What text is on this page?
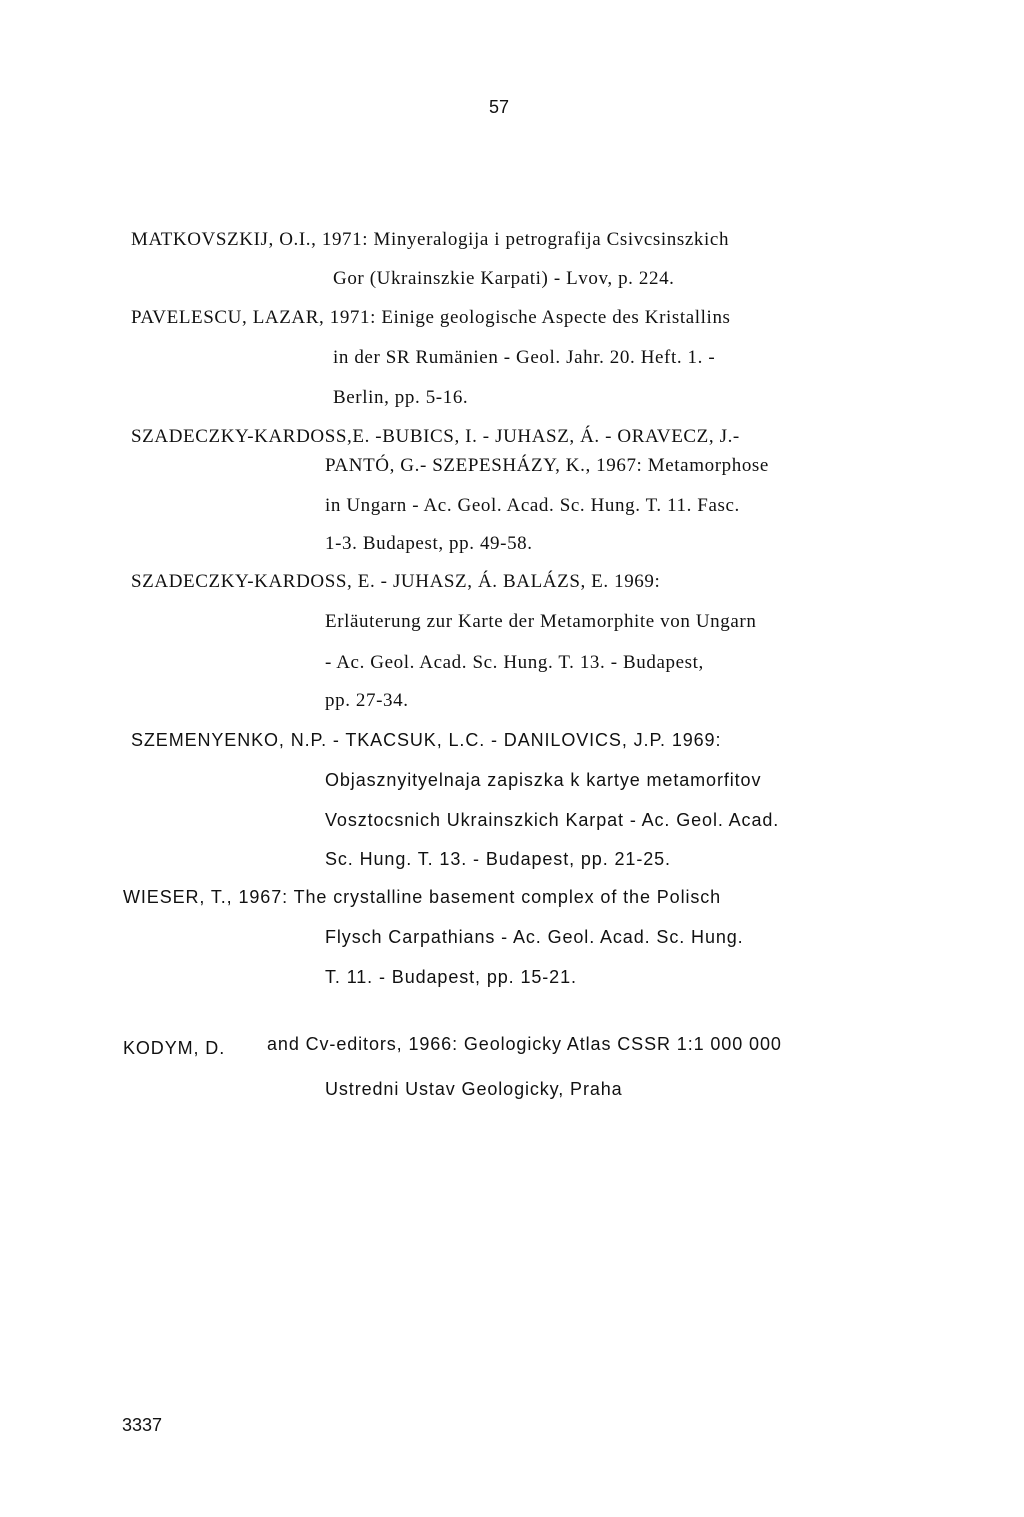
57
MATKOVSZKIJ, O.I., 1971: Minyeralogija i petrografija Csivcsinszkich
Gor (Ukrainszkie Karpati) - Lvov, p. 224.
PAVELESCU, LAZAR, 1971: Einige geologische Aspecte des Kristallins
in der SR Rumänien - Geol. Jahr. 20. Heft. 1. -
Berlin, pp. 5-16.
SZADECZKY-KARDOSS,E. -BUBICS, I. - JUHASZ, Á. - ORAVECZ, J.-
PANTÓ, G.- SZEPESHÁZY, K., 1967: Metamorphose
in Ungarn - Ac. Geol. Acad. Sc. Hung. T. 11. Fasc.
1-3. Budapest, pp. 49-58.
SZADECZKY-KARDOSS, E. - JUHASZ, Á. BALÁZS, E. 1969:
Erläuterung zur Karte der Metamorphite von Ungarn
- Ac. Geol. Acad. Sc. Hung. T. 13. - Budapest,
pp. 27-34.
SZEMENYENKO, N.P. - TKACSUK, L.C. - DANILOVICS, J.P. 1969:
Objasznyityelnaja zapiszka k kartye metamorfitov
Vosztocsnich Ukrainszkich Karpat - Ac. Geol. Acad.
Sc. Hung. T. 13. - Budapest, pp. 21-25.
WIESER, T., 1967: The crystalline basement complex of the Polisch
Flysch Carpathians - Ac. Geol. Acad. Sc. Hung.
T. 11. - Budapest, pp. 15-21.
KODYM, D. and Cv-editors, 1966: Geologicky Atlas CSSR 1:1 000 000
Ustredni Ustav Geologicky, Praha
3337
